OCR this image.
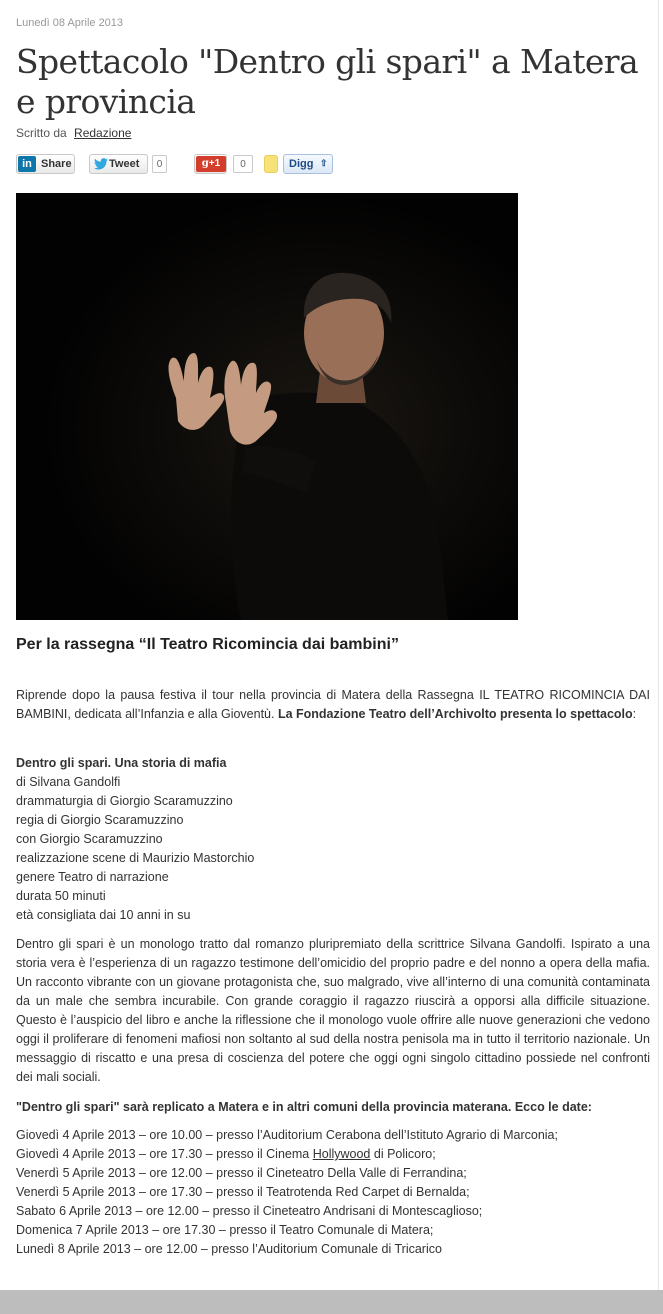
Lunedì 08 Aprile 2013
Spettacolo "Dentro gli spari" a Matera e provincia
Scritto da Redazione
in Share	Tweet	0	g+1	0	Digg ⇧
Per la rassegna “Il Teatro Ricomincia dai bambini”

Riprende dopo la pausa festiva il tour nella provincia di Matera della Rassegna IL TEATRO RICOMINCIA DAI BAMBINI, dedicata all’Infanzia e alla Gioventù. La Fondazione Teatro dell’Archivolto presenta lo spettacolo:

Dentro gli spari. Una storia di mafia
di Silvana Gandolfi
drammaturgia di Giorgio Scaramuzzino
regia di Giorgio Scaramuzzino
con Giorgio Scaramuzzino
realizzazione scene di Maurizio Mastorchio
genere Teatro di narrazione
durata 50 minuti
età consigliata dai 10 anni in su

Dentro gli spari è un monologo tratto dal romanzo pluripremiato della scrittrice Silvana Gandolfi. Ispirato a una storia vera è l’esperienza di un ragazzo testimone dell’omicidio del proprio padre e del nonno a opera della mafia. Un racconto vibrante con un giovane protagonista che, suo malgrado, vive all’interno di una comunità contaminata da un male che sembra incurabile. Con grande coraggio il ragazzo riuscirà a opporsi alla difficile situazione. Questo è l’auspicio del libro e anche la riflessione che il monologo vuole offrire alle nuove generazioni che vedono oggi il proliferare di fenomeni mafiosi non soltanto al sud della nostra penisola ma in tutto il territorio nazionale. Un messaggio di riscatto e una presa di coscienza del potere che oggi ogni singolo cittadino possiede nel confronti dei mali sociali.

"Dentro gli spari" sarà replicato a Matera e in altri comuni della provincia materana. Ecco le date:
Giovedì 4 Aprile 2013 – ore 10.00 – presso l’Auditorium Cerabona dell’Istituto Agrario di Marconia;
Giovedì 4 Aprile 2013 – ore 17.30 – presso il Cinema Hollywood di Policoro;
Venerdì 5 Aprile 2013 – ore 12.00 – presso il Cineteatro Della Valle di Ferrandina;
Venerdì 5 Aprile 2013 – ore 17.30 – presso il Teatrotenda Red Carpet di Bernalda;
Sabato 6 Aprile 2013 – ore 12.00 – presso il Cineteatro Andrisani di Montescaglioso;
Domenica 7 Aprile 2013 – ore 17.30 – presso il Teatro Comunale di Matera;
Lunedì 8 Aprile 2013 – ore 12.00 – presso l’Auditorium Comunale di Tricarico
